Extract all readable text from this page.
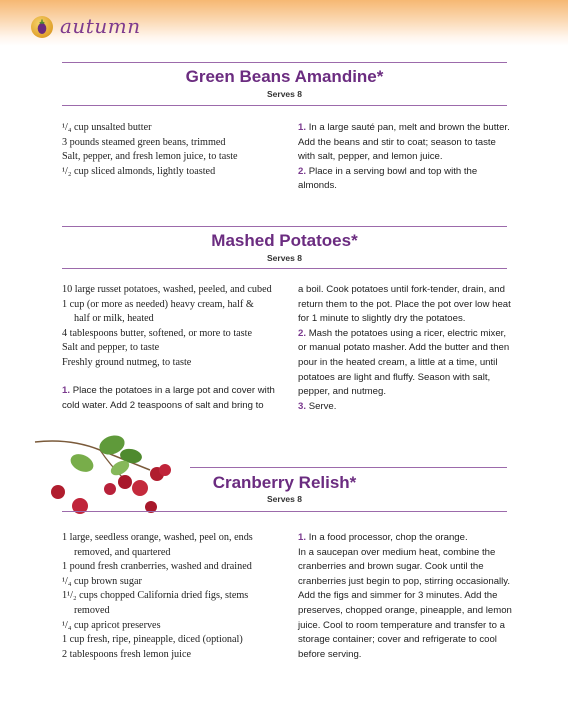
autumn
Green Beans Amandine*
Serves 8
¹/₄ cup unsalted butter
3 pounds steamed green beans, trimmed
Salt, pepper, and fresh lemon juice, to taste
¹/₂ cup sliced almonds, lightly toasted

1. In a large sauté pan, melt and brown the butter. Add the beans and stir to coat; season to taste with salt, pepper, and lemon juice.

2. Place in a serving bowl and top with the almonds.

Mashed Potatoes*
Serves 8
10 large russet potatoes, washed, peeled, and cubed
1 cup (or more as needed) heavy cream, half &
half or milk, heated
4 tablespoons butter, softened, or more to taste
Salt and pepper, to taste
Freshly ground nutmeg, to taste
1. Place the potatoes in a large pot and cover with cold water. Add 2 teaspoons of salt and bring to

a boil. Cook potatoes until fork-tender, drain, and return them to the pot. Place the pot over low heat for 1 minute to slightly dry the potatoes.

2. Mash the potatoes using a ricer, electric mixer, or manual potato masher. Add the butter and then pour in the heated cream, a little at a time, until potatoes are light and fluffy. Season with salt, pepper, and nutmeg.

3. Serve.

Cranberry Relish*
Serves 8
1 large, seedless orange, washed, peel on, ends
removed, and quartered
1 pound fresh cranberries, washed and drained
¹/₄ cup brown sugar
1¹/₂ cups chopped California dried figs, stems
removed
¹/₄ cup apricot preserves
1 cup fresh, ripe, pineapple, diced (optional)
2 tablespoons fresh lemon juice

1. In a food processor, chop the orange.

In a saucepan over medium heat, combine the cranberries and brown sugar. Cook until the cranberries just begin to pop, stirring occasionally. Add the figs and simmer for 3 minutes. Add the preserves, chopped orange, pineapple, and lemon juice. Cool to room temperature and transfer to a storage container; cover and refrigerate to cool before serving.
